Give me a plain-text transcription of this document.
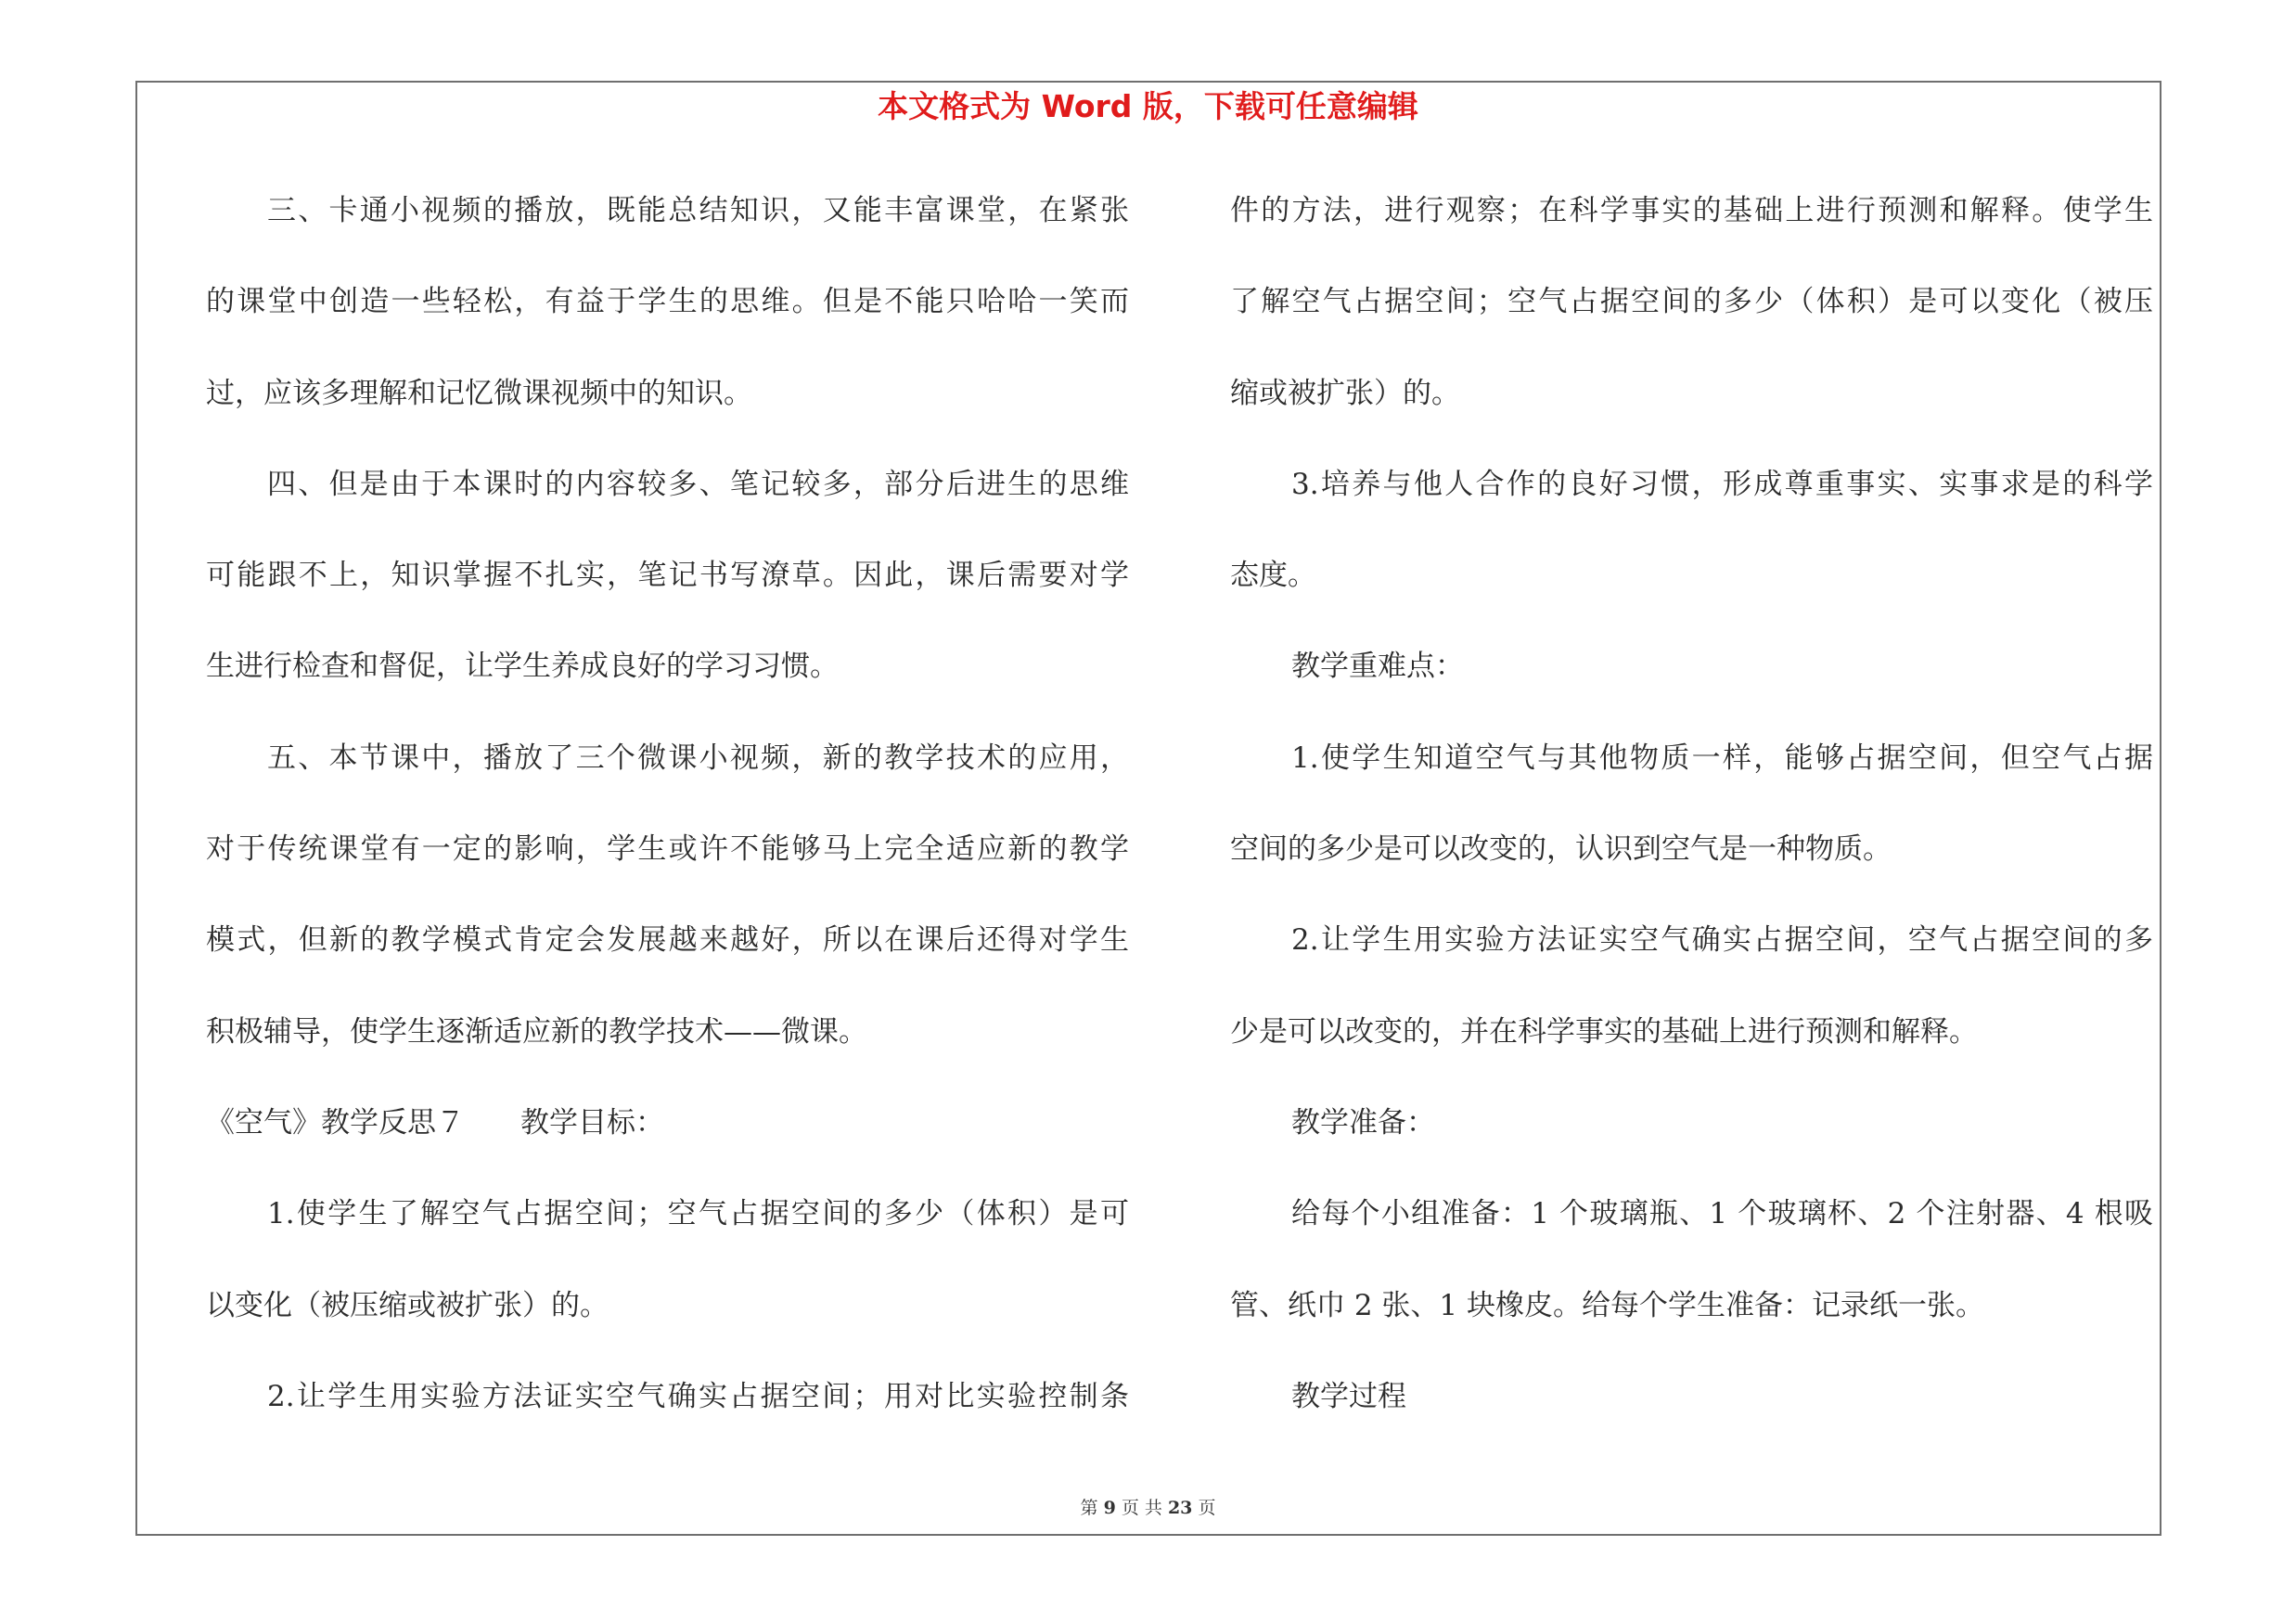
本文格式为 Word 版，下载可任意编辑
三、卡通小视频的播放，既能总结知识，又能丰富课堂，在紧张
的课堂中创造一些轻松，有益于学生的思维。但是不能只哈哈一笑而
过，应该多理解和记忆微课视频中的知识。
四、但是由于本课时的内容较多、笔记较多，部分后进生的思维
可能跟不上，知识掌握不扎实，笔记书写潦草。因此，课后需要对学
生进行检查和督促，让学生养成良好的学习习惯。
五、本节课中，播放了三个微课小视频，新的教学技术的应用，
对于传统课堂有一定的影响，学生或许不能够马上完全适应新的教学
模式，但新的教学模式肯定会发展越来越好，所以在课后还得对学生
积极辅导，使学生逐渐适应新的教学技术——微课。
《空气》教学反思７ 教学目标：
1.使学生了解空气占据空间；空气占据空间的多少（体积）是可
以变化（被压缩或被扩张）的。
2.让学生用实验方法证实空气确实占据空间；用对比实验控制条
件的方法，进行观察；在科学事实的基础上进行预测和解释。使学生
了解空气占据空间；空气占据空间的多少（体积）是可以变化（被压
缩或被扩张）的。
3.培养与他人合作的良好习惯，形成尊重事实、实事求是的科学
态度。
教学重难点：
1.使学生知道空气与其他物质一样，能够占据空间，但空气占据
空间的多少是可以改变的，认识到空气是一种物质。
2.让学生用实验方法证实空气确实占据空间，空气占据空间的多
少是可以改变的，并在科学事实的基础上进行预测和解释。
教学准备：
给每个小组准备：1 个玻璃瓶、1 个玻璃杯、2 个注射器、4 根吸
管、纸巾 2 张、1 块橡皮。给每个学生准备：记录纸一张。
教学过程
第 9 页 共 23 页
